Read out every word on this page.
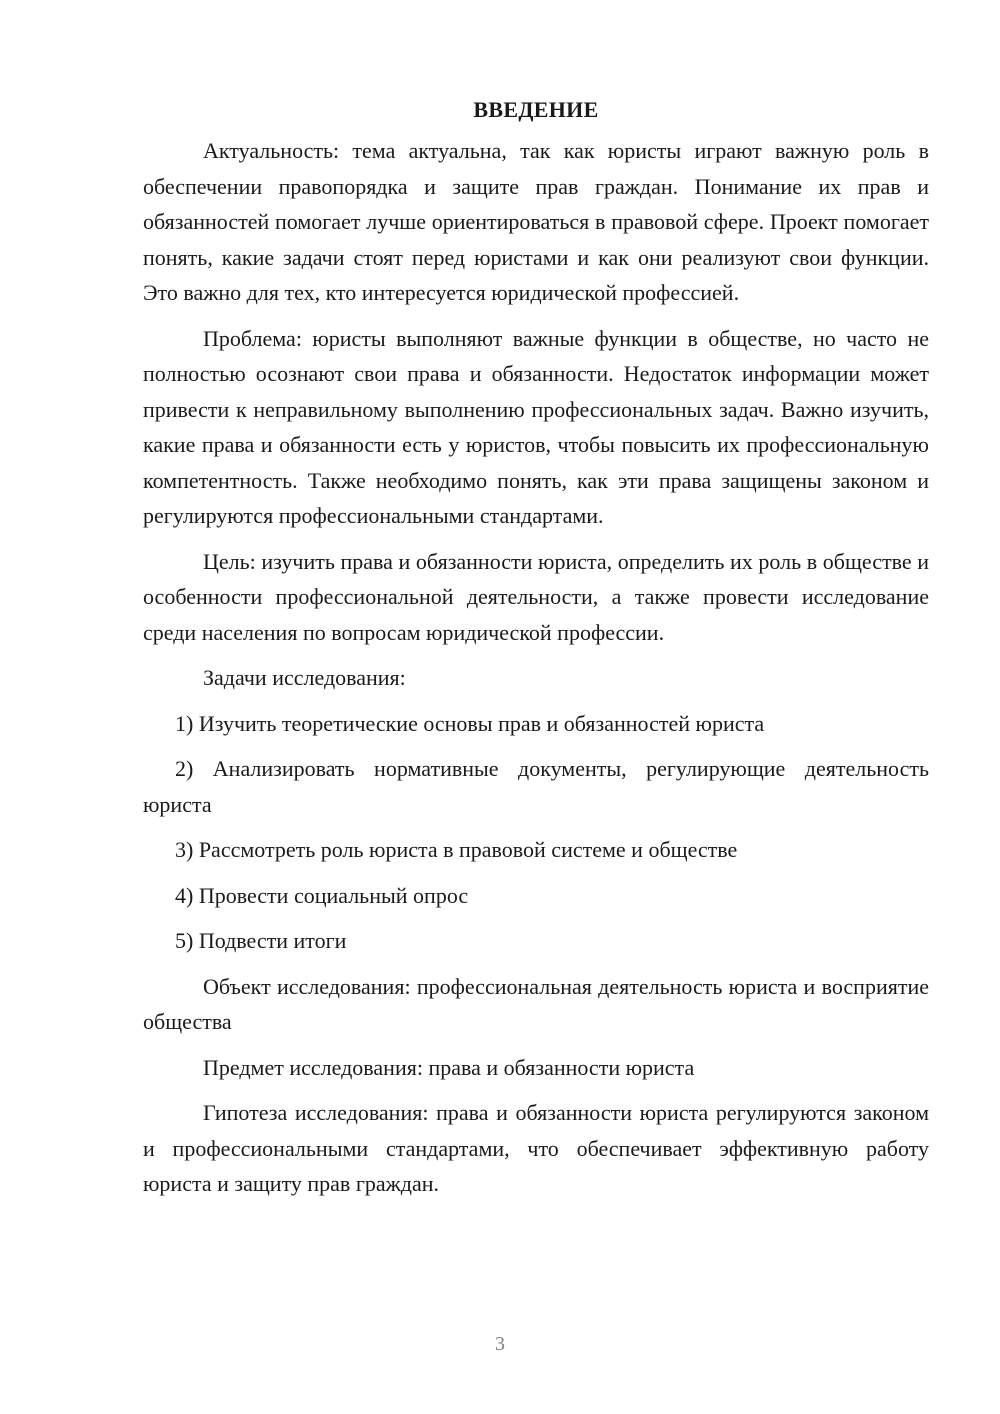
ВВЕДЕНИЕ

Актуальность: тема актуальна, так как юристы играют важную роль в обеспечении правопорядка и защите прав граждан. Понимание их прав и обязанностей помогает лучше ориентироваться в правовой сфере. Проект помогает понять, какие задачи стоят перед юристами и как они реализуют свои функции. Это важно для тех, кто интересуется юридической профессией.

Проблема: юристы выполняют важные функции в обществе, но часто не полностью осознают свои права и обязанности. Недостаток информации может привести к неправильному выполнению профессиональных задач. Важно изучить, какие права и обязанности есть у юристов, чтобы повысить их профессиональную компетентность. Также необходимо понять, как эти права защищены законом и регулируются профессиональными стандартами.

Цель: изучить права и обязанности юриста, определить их роль в обществе и особенности профессиональной деятельности, а также провести исследование среди населения по вопросам юридической профессии.

Задачи исследования:

1) Изучить теоретические основы прав и обязанностей юриста

2) Анализировать нормативные документы, регулирующие деятельность юриста

3) Рассмотреть роль юриста в правовой системе и обществе

4) Провести социальный опрос

5) Подвести итоги

Объект исследования: профессиональная деятельность юриста и восприятие общества

Предмет исследования: права и обязанности юриста

Гипотеза исследования: права и обязанности юриста регулируются законом и профессиональными стандартами, что обеспечивает эффективную работу юриста и защиту прав граждан.

3
